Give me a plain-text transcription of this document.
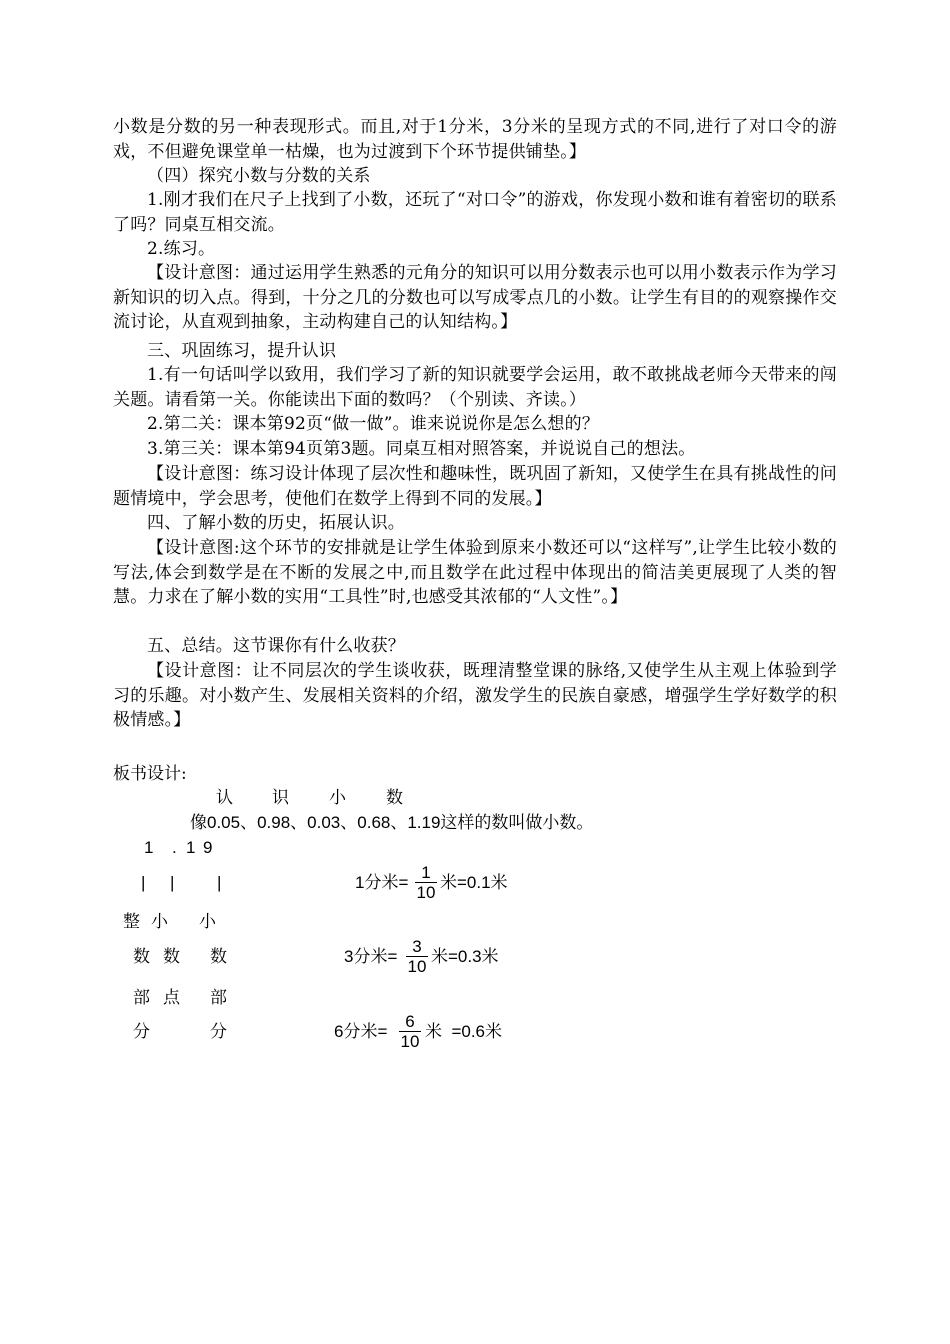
小数是分数的另一种表现形式。而且,对于1分米，3分米的呈现方式的不同,进行了对口令的游戏，不但避免课堂单一枯燥，也为过渡到下个环节提供铺垫。】

（四）探究小数与分数的关系

1.刚才我们在尺子上找到了小数，还玩了“对口令”的游戏，你发现小数和谁有着密切的联系了吗？同桌互相交流。

2.练习。

【设计意图：通过运用学生熟悉的元角分的知识可以用分数表示也可以用小数表示作为学习新知识的切入点。得到，十分之几的分数也可以写成零点几的小数。让学生有目的的观察操作交流讨论，从直观到抽象，主动构建自己的认知结构。】

三、巩固练习，提升认识

1.有一句话叫学以致用，我们学习了新的知识就要学会运用，敢不敢挑战老师今天带来的闯关题。请看第一关。你能读出下面的数吗？（个别读、齐读。）

2.第二关：课本第92页“做一做”。谁来说说你是怎么想的？

3.第三关：课本第94页第3题。同桌互相对照答案，并说说自己的想法。

【设计意图：练习设计体现了层次性和趣味性，既巩固了新知，又使学生在具有挑战性的问题情境中，学会思考，使他们在数学上得到不同的发展。】

四、了解小数的历史，拓展认识。

【设计意图:这个环节的安排就是让学生体验到原来小数还可以“这样写”,让学生比较小数的写法,体会到数学是在不断的发展之中,而且数学在此过程中体现出的简洁美更展现了人类的智慧。力求在了解小数的实用“工具性”时,也感受其浓郁的“人文性”。】

五、总结。这节课你有什么收获？

【设计意图：让不同层次的学生谈收获，既理清整堂课的脉络,又使学生从主观上体验到学习的乐趣。对小数产生、发展相关资料的介绍，激发学生的民族自豪感，增强学生学好数学的积极情感。】

板书设计:
认 识 小 数
像0.05、0.98、0.03、0.68、1.19这样的数叫做小数。
1 . 1 9
| |	|
整 小 小
数 数 数
部 点 部
分	分
1分米=
1
10
米=0.1米
3分米=
3
10
米=0.3米
6分米=
6
10
米  =0.6米
